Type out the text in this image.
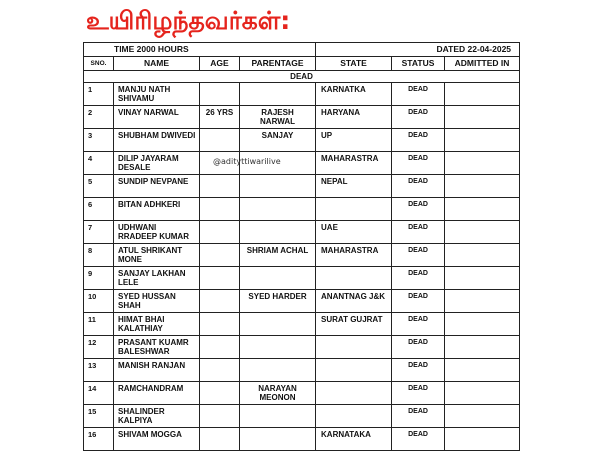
உயிரிழந்தவர்கள்:
TIME 2000 HOURS				DATED 22-04-2025		
SNO.	NAME	AGE	PARENTAGE	STATE	STATUS	ADMITTED IN
DEAD						
1	MANJU NATH SHIVAMU			KARNATKA	DEAD	
2	VINAY NARWAL	26 YRS	RAJESH NARWAL	HARYANA	DEAD	
3	SHUBHAM DWIVEDI		SANJAY	UP	DEAD	
4	DILIP JAYARAM DESALE			MAHARASTRA	DEAD	
5	SUNDIP NEVPANE			NEPAL	DEAD	
6	BITAN ADHKERI				DEAD	
7	UDHWANI RRADEEP KUMAR			UAE	DEAD	
8	ATUL SHRIKANT MONE		SHRIAM ACHAL	MAHARASTRA	DEAD	
9	SANJAY LAKHAN LELE				DEAD	
10	SYED HUSSAN SHAH		SYED HARDER	ANANTNAG J&K	DEAD	
11	HIMAT BHAI KALATHIAY			SURAT GUJRAT	DEAD	
12	PRASANT KUAMR BALESHWAR				DEAD	
13	MANISH RANJAN				DEAD	
14	RAMCHANDRAM		NARAYAN MEONON		DEAD	
15	SHALINDER KALPIYA				DEAD	
16	SHIVAM MOGGA			KARNATAKA	DEAD	
@adityttiwarilive
